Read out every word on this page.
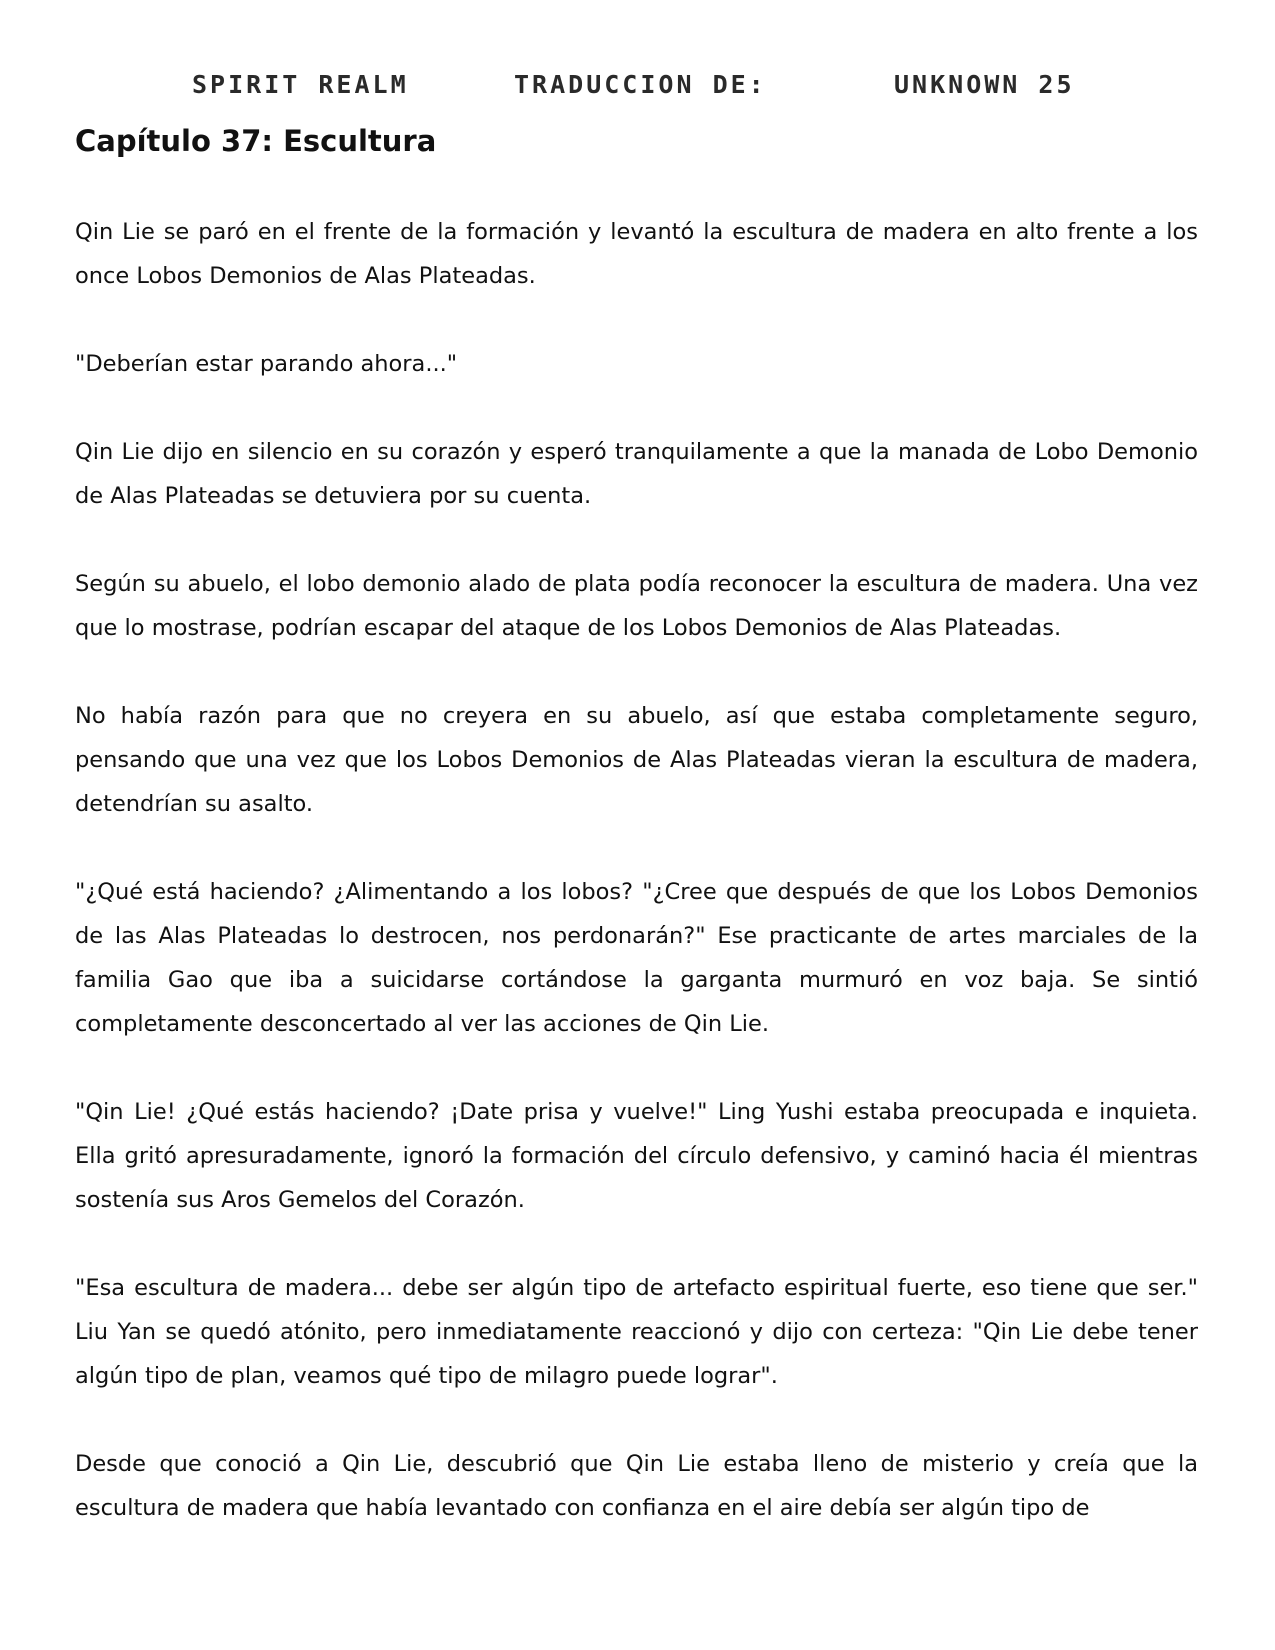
SPIRIT REALM	TRADUCCION DE:	UNKNOWN 25
Capítulo 37: Escultura

Qin Lie se paró en el frente de la formación y levantó la escultura de madera en alto frente a los once Lobos Demonios de Alas Plateadas.

"Deberían estar parando ahora..."

Qin Lie dijo en silencio en su corazón y esperó tranquilamente a que la manada de Lobo Demonio de Alas Plateadas se detuviera por su cuenta.

Según su abuelo, el lobo demonio alado de plata podía reconocer la escultura de madera. Una vez que lo mostrase, podrían escapar del ataque de los Lobos Demonios de Alas Plateadas.

No había razón para que no creyera en su abuelo, así que estaba completamente seguro, pensando que una vez que los Lobos Demonios de Alas Plateadas vieran la escultura de madera, detendrían su asalto.

"¿Qué está haciendo? ¿Alimentando a los lobos? "¿Cree que después de que los Lobos Demonios de las Alas Plateadas lo destrocen, nos perdonarán?" Ese practicante de artes marciales de la familia Gao que iba a suicidarse cortándose la garganta murmuró en voz baja. Se sintió completamente desconcertado al ver las acciones de Qin Lie.

"Qin Lie! ¿Qué estás haciendo? ¡Date prisa y vuelve!" Ling Yushi estaba preocupada e inquieta. Ella gritó apresuradamente, ignoró la formación del círculo defensivo, y caminó hacia él mientras sostenía sus Aros Gemelos del Corazón.

"Esa escultura de madera... debe ser algún tipo de artefacto espiritual fuerte, eso tiene que ser." Liu Yan se quedó atónito, pero inmediatamente reaccionó y dijo con certeza: "Qin Lie debe tener algún tipo de plan, veamos qué tipo de milagro puede lograr".

Desde que conoció a Qin Lie, descubrió que Qin Lie estaba lleno de misterio y creía que la escultura de madera que había levantado con confianza en el aire debía ser algún tipo de
